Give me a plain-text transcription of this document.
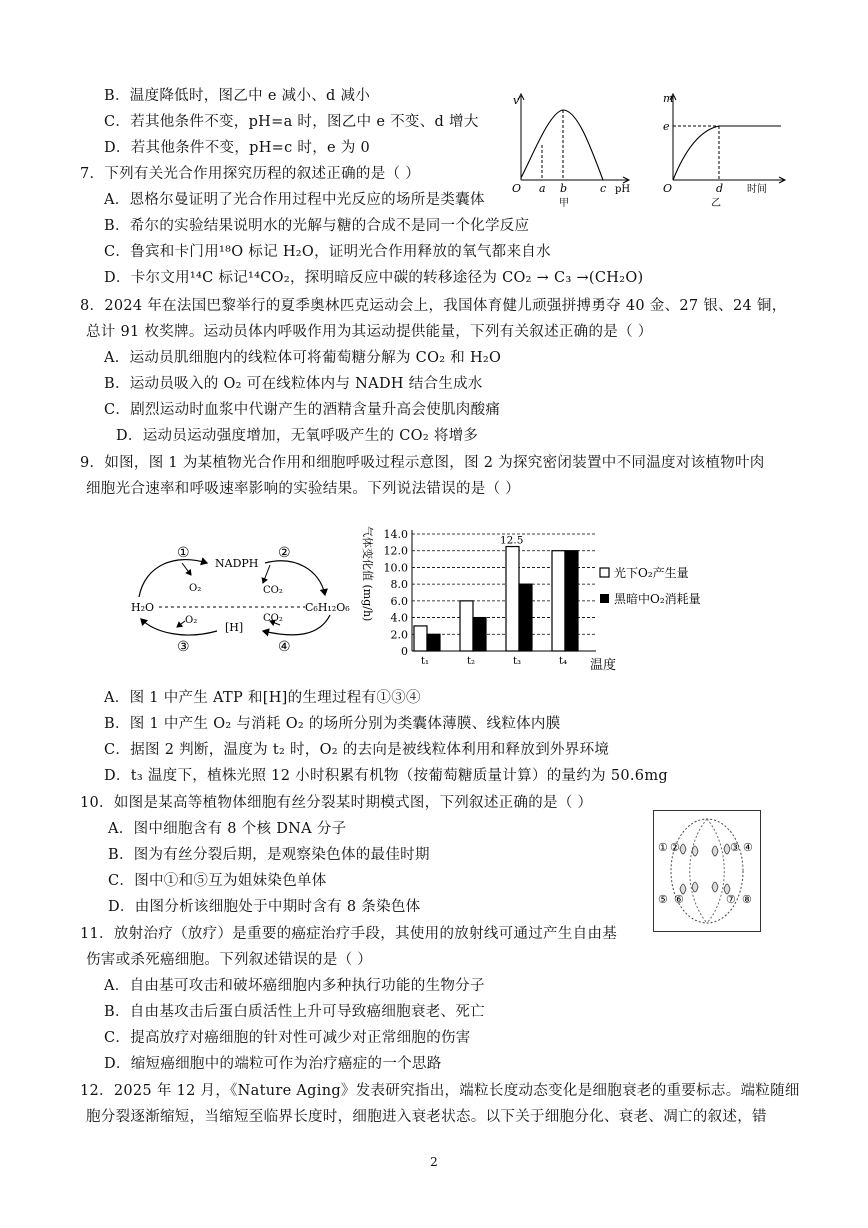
B．温度降低时，图乙中 e 减小、d 减小
C．若其他条件不变，pH=a 时，图乙中 e 不变、d 增大
D．若其他条件不变，pH=c 时，e 为 0
v
O a b	c pH
甲
m
e
O	d 时间
乙
7．下列有关光合作用探究历程的叙述正确的是（ ）
A．恩格尔曼证明了光合作用过程中光反应的场所是类囊体
B．希尔的实验结果说明水的光解与糖的合成不是同一个化学反应
C．鲁宾和卡门用¹⁸O 标记 H₂O，证明光合作用释放的氧气都来自水
D．卡尔文用¹⁴C 标记¹⁴CO₂，探明暗反应中碳的转移途径为 CO₂ → C₃ →(CH₂O)
8．2024 年在法国巴黎举行的夏季奥林匹克运动会上，我国体育健儿顽强拼搏勇夺 40 金、27 银、24 铜，
总计 91 枚奖牌。运动员体内呼吸作用为其运动提供能量，下列有关叙述正确的是（ ）
A．运动员肌细胞内的线粒体可将葡萄糖分解为 CO₂ 和 H₂O
B．运动员吸入的 O₂ 可在线粒体内与 NADH 结合生成水
C．剧烈运动时血浆中代谢产生的酒精含量升高会使肌肉酸痛
D．运动员运动强度增加，无氧呼吸产生的 CO₂ 将增多
9．如图，图 1 为某植物光合作用和细胞呼吸过程示意图，图 2 为探究密闭装置中不同温度对该植物叶肉
细胞光合速率和呼吸速率影响的实验结果。下列说法错误的是（ ）
①
NADPH
②
O₂	CO₂
H₂O	C₆H₁₂O₆
O₂
[H]
CO₂
③	④
气体变化值 (mg/h)
0
2.0
4.0
6.0
8.0
10.0
12.0
14.0
t₁	t₂	t₃	t₄
12.5
温度
光下O₂产生量
黑暗中O₂消耗量
A．图 1 中产生 ATP 和[H]的生理过程有①③④
B．图 1 中产生 O₂ 与消耗 O₂ 的场所分别为类囊体薄膜、线粒体内膜
C．据图 2 判断，温度为 t₂ 时，O₂ 的去向是被线粒体利用和释放到外界环境
D．t₃ 温度下，植株光照 12 小时积累有机物（按葡萄糖质量计算）的量约为 50.6mg
10．如图是某高等植物体细胞有丝分裂某时期模式图，下列叙述正确的是（ ）
A．图中细胞含有 8 个核 DNA 分子
B．图为有丝分裂后期，是观察染色体的最佳时期
C．图中①和⑤互为姐妹染色单体
D．由图分析该细胞处于中期时含有 8 条染色体
① ②	③ ④
⑤ ⑥	⑦ ⑧
11．放射治疗（放疗）是重要的癌症治疗手段，其使用的放射线可通过产生自由基
伤害或杀死癌细胞。下列叙述错误的是（ ）
A．自由基可攻击和破坏癌细胞内多种执行功能的生物分子
B．自由基攻击后蛋白质活性上升可导致癌细胞衰老、死亡
C．提高放疗对癌细胞的针对性可减少对正常细胞的伤害
D．缩短癌细胞中的端粒可作为治疗癌症的一个思路
12．2025 年 12 月，《Nature Aging》发表研究指出，端粒长度动态变化是细胞衰老的重要标志。端粒随细
胞分裂逐渐缩短，当缩短至临界长度时，细胞进入衰老状态。以下关于细胞分化、衰老、凋亡的叙述，错
2
